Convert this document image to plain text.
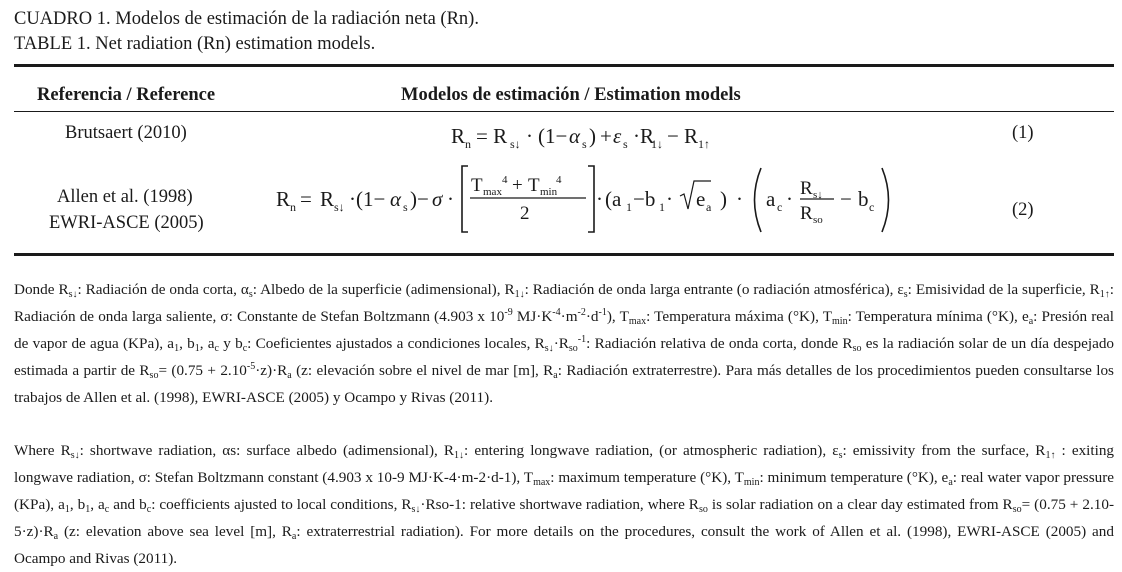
CUADRO 1. Modelos de estimación de la radiación neta (Rn).
TABLE 1. Net radiation (Rn) estimation models.
Referencia / Reference	Modelos de estimación / Estimation models
Brutsaert (2010)	(1)
Allen et al. (1998)
EWRI-ASCE (2005)
(2)
R n = R s↓ · (1− α s ) + ε s ·R
1↓ − R 1↑
R n = R s↓ ·(1− α s )− σ ·
T max
4 + T min
4
2
· (a 1 −b 1 · e a ) · a c · R s↓
R so
− b c

Donde $R_{s↓}$: Radiación de onda corta, $\alpha_s$: Albedo de la superficie (adimensional), $R_{1↓}$: Radiación de onda larga entrante (o radiación atmosférica), $\varepsilon_s$: Emisividad de la superficie, $R_{1↑}$: Radiación de onda larga saliente, σ: Constante de Stefan Boltzmann (4.903 x $10^{-9}$ $MJ\cdot K^{-4}\cdot m^{-2}\cdot d^{-1}$), $T_{max}$: Temperatura máxima (°K), $T_{min}$: Temperatura mínima (°K), $e_a$: Presión real de vapor de agua (KPa), $a_1$, $b_1$, $a_c$ y $b_c$: Coeficientes ajustados a condiciones locales, $R_{s↓}\cdot R_{so}^{-1}$: Radiación relativa de onda corta, donde $R_{so}$ es la radiación solar de un día despejado estimada a partir de $R_{so}= (0.75 + 2.10^{-5}\cdot z)\cdot R_a$ (z: elevación sobre el nivel de mar [m], $R_a$: Radiación extraterrestre). Para más detalles de los procedimientos pueden consultarse los trabajos de Allen et al. (1998), EWRI-ASCE (2005) y Ocampo y Rivas (2011).

Where $R_{s↓}$: shortwave radiation, αs: surface albedo (adimensional), $R_{1↓}$: entering longwave radiation, (or atmospheric radiation), $\varepsilon_s$: emissivity from the surface, $R_{1↑}$ : exiting longwave radiation, σ: Stefan Boltzmann constant (4.903 x 10-9 MJ·K-4·m-2·d-1), $T_{max}$: maximum temperature (°K), $T_{min}$: minimum temperature (°K), $e_a$: real water vapor pressure (KPa), $a_1$, $b_1$, $a_c$ and $b_c$: coefficients ajusted to local conditions, $R_{s↓}\cdot Rso-1$: relative shortwave radiation, where $R_{so}$ is solar radiation on a clear day estimated from $R_{so}= (0.75 + 2.10-5\cdot z)\cdot R_a$ (z: elevation above sea level [m], $R_a$: extraterrestrial radiation). For more details on the procedures, consult the work of Allen et al. (1998), EWRI-ASCE (2005) and Ocampo and Rivas (2011).
